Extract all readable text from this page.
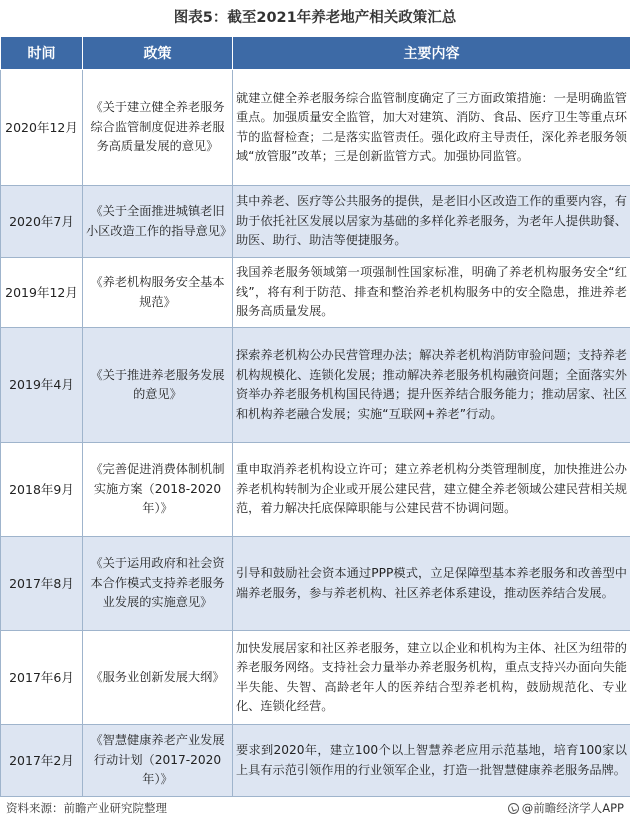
图表5：截至2021年养老地产相关政策汇总
时间	政策	主要内容
2020年12月	《关于建立健全养老服务综合监管制度促进养老服务高质量发展的意见》	就建立健全养老服务综合监管制度确定了三方面政策措施：一是明确监管重点。加强质量安全监管，加大对建筑、消防、食品、医疗卫生等重点环节的监督检查；二是落实监管责任。强化政府主导责任，深化养老服务领域“放管服”改革；三是创新监管方式。加强协同监管。
2020年7月	《关于全面推进城镇老旧小区改造工作的指导意见》	其中养老、医疗等公共服务的提供，是老旧小区改造工作的重要内容，有助于依托社区发展以居家为基础的多样化养老服务，为老年人提供助餐、助医、助行、助洁等便捷服务。
2019年12月	《养老机构服务安全基本规范》	我国养老服务领域第一项强制性国家标准，明确了养老机构服务安全“红线”，将有利于防范、排查和整治养老机构服务中的安全隐患，推进养老服务高质量发展。
2019年4月	《关于推进养老服务发展的意见》	探索养老机构公办民营管理办法；解决养老机构消防审验问题；支持养老机构规模化、连锁化发展；推动解决养老服务机构融资问题；全面落实外资举办养老服务机构国民待遇；提升医养结合服务能力；推动居家、社区和机构养老融合发展；实施“互联网+养老”行动。
2018年9月	《完善促进消费体制机制实施方案（2018-2020年）》	重申取消养老机构设立许可；建立养老机构分类管理制度，加快推进公办养老机构转制为企业或开展公建民营，建立健全养老领域公建民营相关规范，着力解决托底保障职能与公建民营不协调问题。
2017年8月	《关于运用政府和社会资本合作模式支持养老服务业发展的实施意见》	引导和鼓励社会资本通过PPP模式，立足保障型基本养老服务和改善型中端养老服务，参与养老机构、社区养老体系建设，推动医养结合发展。
2017年6月	《服务业创新发展大纲》	加快发展居家和社区养老服务，建立以企业和机构为主体、社区为纽带的养老服务网络。支持社会力量举办养老服务机构，重点支持兴办面向失能半失能、失智、高龄老年人的医养结合型养老机构，鼓励规范化、专业化、连锁化经营。
2017年2月	《智慧健康养老产业发展行动计划（2017-2020年）》	要求到2020年，建立100个以上智慧养老应用示范基地，培育100家以上具有示范引领作用的行业领军企业，打造一批智慧健康养老服务品牌。
资料来源：前瞻产业研究院整理	@前瞻经济学人APP
